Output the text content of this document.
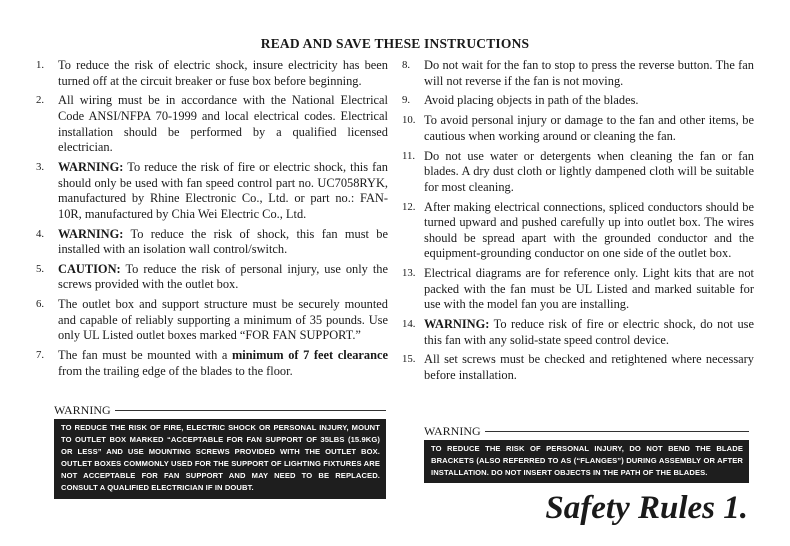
READ AND SAVE THESE INSTRUCTIONS
1. To reduce the risk of electric shock, insure electricity has been turned off at the circuit breaker or fuse box before beginning.
2. All wiring must be in accordance with the National Electrical Code ANSI/NFPA 70-1999 and local electrical codes. Electrical installation should be performed by a qualified licensed electrician.
3. WARNING: To reduce the risk of fire or electric shock, this fan should only be used with fan speed control part no. UC7058RYK, manufactured by Rhine Electronic Co., Ltd. or part no.: FAN-10R, manufactured by Chia Wei Electric Co., Ltd.
4. WARNING: To reduce the risk of shock, this fan must be installed with an isolation wall control/switch.
5. CAUTION: To reduce the risk of personal injury, use only the screws provided with the outlet box.
6. The outlet box and support structure must be securely mounted and capable of reliably supporting a minimum of 35 pounds. Use only UL Listed outlet boxes marked “FOR FAN SUPPORT.”
7. The fan must be mounted with a minimum of 7 feet clearance from the trailing edge of the blades to the floor.
8. Do not wait for the fan to stop to press the reverse button. The fan will not reverse if the fan is not moving.
9. Avoid placing objects in path of the blades.
10. To avoid personal injury or damage to the fan and other items, be cautious when working around or cleaning the fan.
11. Do not use water or detergents when cleaning the fan or fan blades. A dry dust cloth or lightly dampened cloth will be suitable for most cleaning.
12. After making electrical connections, spliced conductors should be turned upward and pushed carefully up into outlet box. The wires should be spread apart with the grounded conductor and the equipment-grounding conductor on one side of the outlet box.
13. Electrical diagrams are for reference only. Light kits that are not packed with the fan must be UL Listed and marked suitable for use with the model fan you are installing.
14. WARNING: To reduce risk of fire or electric shock, do not use this fan with any solid-state speed control device.
15. All set screws must be checked and retightened where necessary before installation.
WARNING
TO REDUCE THE RISK OF FIRE, ELECTRIC SHOCK OR PERSONAL INJURY, MOUNT TO OUTLET BOX MARKED “ACCEPTABLE FOR FAN SUPPORT OF 35LBS (15.9KG) OR LESS” AND USE MOUNTING SCREWS PROVIDED WITH THE OUTLET BOX. OUTLET BOXES COMMONLY USED FOR THE SUPPORT OF LIGHTING FIXTURES ARE NOT ACCEPTABLE FOR FAN SUPPORT AND MAY NEED TO BE REPLACED. CONSULT A QUALIFIED ELECTRICIAN IF IN DOUBT.
WARNING
TO REDUCE THE RISK OF PERSONAL INJURY, DO NOT BEND THE BLADE BRACKETS (ALSO REFERRED TO AS (“FLANGES”) DURING ASSEMBLY OR AFTER INSTALLATION. DO NOT INSERT OBJECTS IN THE PATH OF THE BLADES.
Safety Rules 1.
